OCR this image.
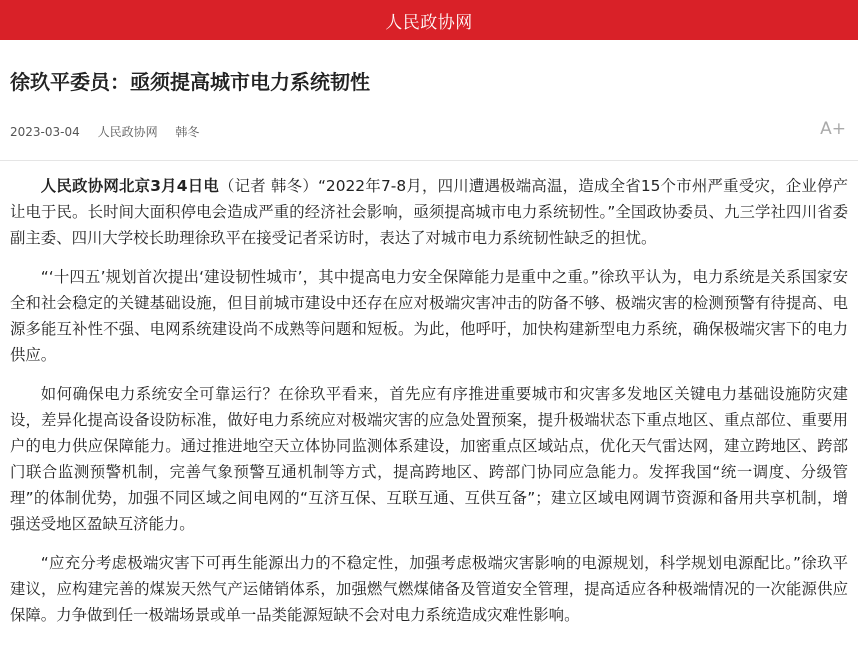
人民政协网
徐玖平委员：亟须提高城市电力系统韧性
2023-03-04 人民政协网 韩冬	A+

人民政协网北京3月4日电（记者 韩冬）“2022年7-8月，四川遭遇极端高温，造成全省15个市州严重受灾，企业停产让电于民。长时间大面积停电会造成严重的经济社会影响，亟须提高城市电力系统韧性。”全国政协委员、九三学社四川省委副主委、四川大学校长助理徐玖平在接受记者采访时，表达了对城市电力系统韧性缺乏的担忧。

“‘十四五’规划首次提出‘建设韧性城市’，其中提高电力安全保障能力是重中之重。”徐玖平认为，电力系统是关系国家安全和社会稳定的关键基础设施，但目前城市建设中还存在应对极端灾害冲击的防备不够、极端灾害的检测预警有待提高、电源多能互补性不强、电网系统建设尚不成熟等问题和短板。为此，他呼吁，加快构建新型电力系统，确保极端灾害下的电力供应。

如何确保电力系统安全可靠运行？在徐玖平看来，首先应有序推进重要城市和灾害多发地区关键电力基础设施防灾建设，差异化提高设备设防标准，做好电力系统应对极端灾害的应急处置预案，提升极端状态下重点地区、重点部位、重要用户的电力供应保障能力。通过推进地空天立体协同监测体系建设，加密重点区域站点，优化天气雷达网，建立跨地区、跨部门联合监测预警机制，完善气象预警互通机制等方式，提高跨地区、跨部门协同应急能力。发挥我国“统一调度、分级管理”的体制优势，加强不同区域之间电网的“互济互保、互联互通、互供互备”；建立区域电网调节资源和备用共享机制，增强送受地区盈缺互济能力。

“应充分考虑极端灾害下可再生能源出力的不稳定性，加强考虑极端灾害影响的电源规划，科学规划电源配比。”徐玖平建议，应构建完善的煤炭天然气产运储销体系，加强燃气燃煤储备及管道安全管理，提高适应各种极端情况的一次能源供应保障。力争做到任一极端场景或单一品类能源短缺不会对电力系统造成灾难性影响。
